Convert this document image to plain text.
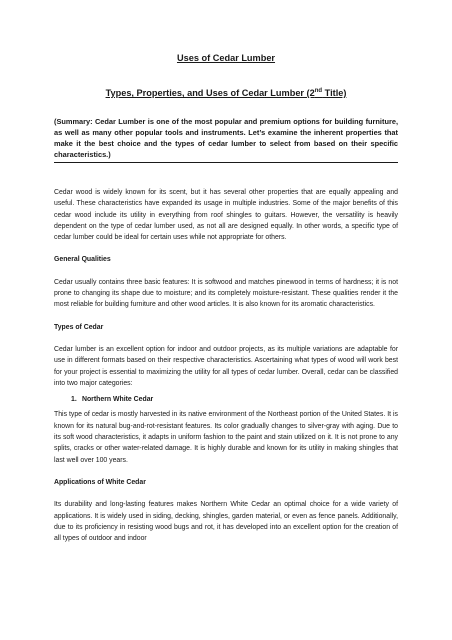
Uses of Cedar Lumber

Types, Properties, and Uses of Cedar Lumber (2nd Title)

(Summary: Cedar Lumber is one of the most popular and premium options for building furniture, as well as many other popular tools and instruments. Let’s examine the inherent properties that make it the best choice and the types of cedar lumber to select from based on their specific characteristics.)

Cedar wood is widely known for its scent, but it has several other properties that are equally appealing and useful. These characteristics have expanded its usage in multiple industries. Some of the major benefits of this cedar wood include its utility in everything from roof shingles to guitars. However, the versatility is heavily dependent on the type of cedar lumber used, as not all are designed equally. In other words, a specific type of cedar lumber could be ideal for certain uses while not appropriate for others.

General Qualities

Cedar usually contains three basic features: It is softwood and matches pinewood in terms of hardness; it is not prone to changing its shape due to moisture; and its completely moisture-resistant. These qualities render it the most reliable for building furniture and other wood articles. It is also known for its aromatic characteristics.

Types of Cedar

Cedar lumber is an excellent option for indoor and outdoor projects, as its multiple variations are adaptable for use in different formats based on their respective characteristics. Ascertaining what types of wood will work best for your project is essential to maximizing the utility for all types of cedar lumber. Overall, cedar can be classified into two major categories:

1. Northern White Cedar

This type of cedar is mostly harvested in its native environment of the Northeast portion of the United States. It is known for its natural bug-and-rot-resistant features. Its color gradually changes to silver-gray with aging. Due to its soft wood characteristics, it adapts in uniform fashion to the paint and stain utilized on it. It is not prone to any splits, cracks or other water-related damage. It is highly durable and known for its utility in making shingles that last well over 100 years.

Applications of White Cedar

Its durability and long-lasting features makes Northern White Cedar an optimal choice for a wide variety of applications. It is widely used in siding, decking, shingles, garden material, or even as fence panels. Additionally, due to its proficiency in resisting wood bugs and rot, it has developed into an excellent option for the creation of all types of outdoor and indoor
